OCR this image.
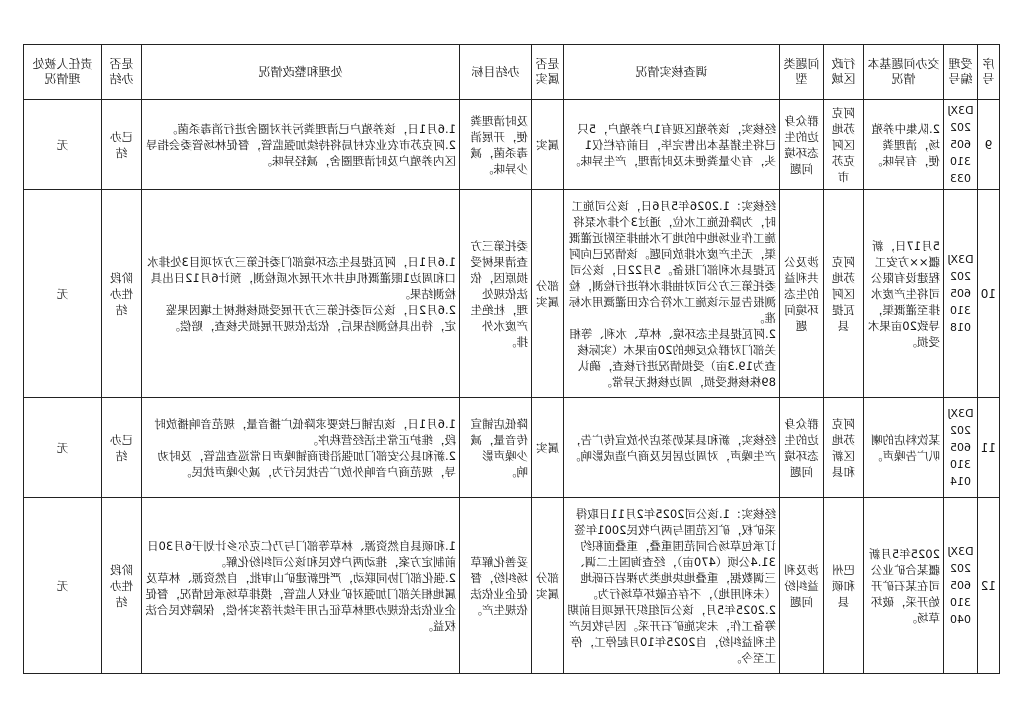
序号	受理编号	交办问题基本情况	行政区域	问题类型	调查核实情况	是否属实	办结目标	处理和整改情况	是否办结	责任人被处理情况
9	D3XJ202605310033	2.队集中养殖场，清理粪便，有异味。	阿克苏地区阿克苏市	群众身边的生态环境问题	经核实，该养殖区现有1户养殖户，5只已将生猪基本出售完毕，目前存栏仅1头，有少量粪便未及时清理，产生异味。	属实	及时清理粪便，开展消毒杀菌，减少异味。	1.6月1日，该养殖户已清理粪污并对圈舍进行消毒杀菌。
2.阿克苏市农业农村局将持续加强监管，督促林场管委会指导区内养殖户及时清理圈舍，减轻异味。	已办结	无
10	D3XJ202605310018	5月17日，新疆××方安工程建设有限公司将生产废水排至灌溉渠，导致20亩果木受损。	阿克苏地区阿瓦提县	涉及公共利益的生态环境问题	经核实：1.2026年5月6日，该公司施工时，为降低施工水位，通过3个排水泵将施工作业场地中的地下水抽排至附近灌溉渠，无生产废水排放问题。该情况已向阿瓦提县水利部门报备。5月22日，该公司委托第三方公司对抽排水样进行检测，检测报告显示该施工水符合农田灌溉用水标准。
2.阿瓦提县生态环境、林草、水利、等相关部门对群众反映的20亩果木（实际核查为19.3亩）受损情况进行核查，确认89株核桃受损，周边核桃无异常。	部分属实	委托第三方查清果树受损原因，依法依规处理，杜绝生产废水外排。	1.6月1日，阿瓦提县生态环境部门委托第三方对项目3处排水口和周边1眼灌溉机电井水开展水质检测，预计6月12日出具检测结果。
2.6月2日，该公司委托第三方开展受损核桃树土壤因果鉴定，待出具检测结果后，依法依规开展损失核查，赔偿。	阶段性办结	无
11	D3XJ202605310014	某饮料店的喇叭广告噪声。	阿克苏地区新和县	群众身边的生态环境问题	经核实，新和县某奶茶店外放宣传广告，产生噪声，对周边居民及商户造成影响。	属实	降低店铺宣传音量，减少噪声影响。	1.6月1日，该店铺已按要求降低广播音量，规范音响播放时段，维护正常生活经营秩序。
2.新和县公安部门加强沿街商铺噪声日常巡查监管，及时劝导，规范商户音响外放广告扰民行为，减少噪声扰民。	已办结	无
12	D3XJ202605310040	2025年5月新疆某合矿业公司在某石矿开始开采，破坏草场。	巴州和硕县	涉及利益纠纷问题	经核实：1.该公司2025年2月11日取得采矿权，矿区范围与两户牧民2001年签订承包草场合同范围重叠，重叠面积约31.4公顷（470亩），经查询国土二调、三调数据，重叠地块地类为裸岩石砾地（未利用地），不存在破坏草场行为。
2.2025年5月，该公司组织开展项目前期筹备工作，未实施矿石开采。因与牧民产生利益纠纷，自2025年10月起停工，停工至今。	部分属实	妥善化解草场纠纷，督促企业依法依规生产。	1.和硕县自然资源、林草等部门与乃仁克尔乡计划于6月30日前制定方案，推动两户牧民和该公司纠纷化解。
2.强化部门协同联动，严把新建矿山审批，自然资源、林草及属地相关部门加强对矿业权人监管，摸排草场承包情况，督促企业依法依规办理林草征占用手续并落实补偿，保障牧民合法权益。	阶段性办结	无
